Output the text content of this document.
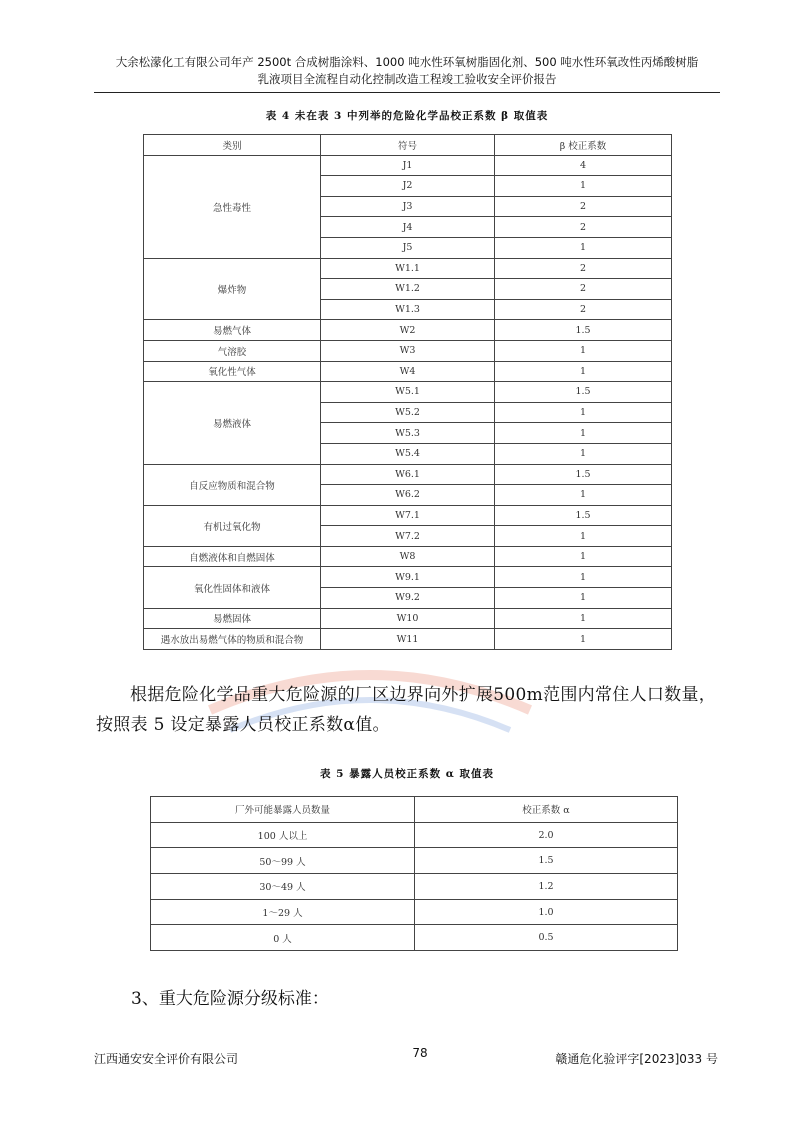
大余松濛化工有限公司年产 2500t 合成树脂涂料、1000 吨水性环氧树脂固化剂、500 吨水性环氧改性丙烯酸树脂
乳液项目全流程自动化控制改造工程竣工验收安全评价报告
表 4 未在表 3 中列举的危险化学品校正系数 β 取值表
类别	符号	β 校正系数
急性毒性	J1	4
	J2	1
	J3	2
	J4	2
	J5	1
爆炸物	W1.1	2
	W1.2	2
	W1.3	2
易燃气体	W2	1.5
气溶胶	W3	1
氧化性气体	W4	1
易燃液体	W5.1	1.5
	W5.2	1
	W5.3	1
	W5.4	1
自反应物质和混合物	W6.1	1.5
	W6.2	1
有机过氧化物	W7.1	1.5
	W7.2	1
自燃液体和自燃固体	W8	1
氧化性固体和液体	W9.1	1
	W9.2	1
易燃固体	W10	1
遇水放出易燃气体的物质和混合物	W11	1
根据危险化学品重大危险源的厂区边界向外扩展500m范围内常住人口数量，按照表 5 设定暴露人员校正系数α值。
表 5 暴露人员校正系数 α 取值表
厂外可能暴露人员数量	校正系数 α
100 人以上	2.0
50～99 人	1.5
30～49 人	1.2
1～29 人	1.0
0 人	0.5
3、重大危险源分级标准：
江西通安安全评价有限公司	78	赣通危化验评字[2023]033 号
